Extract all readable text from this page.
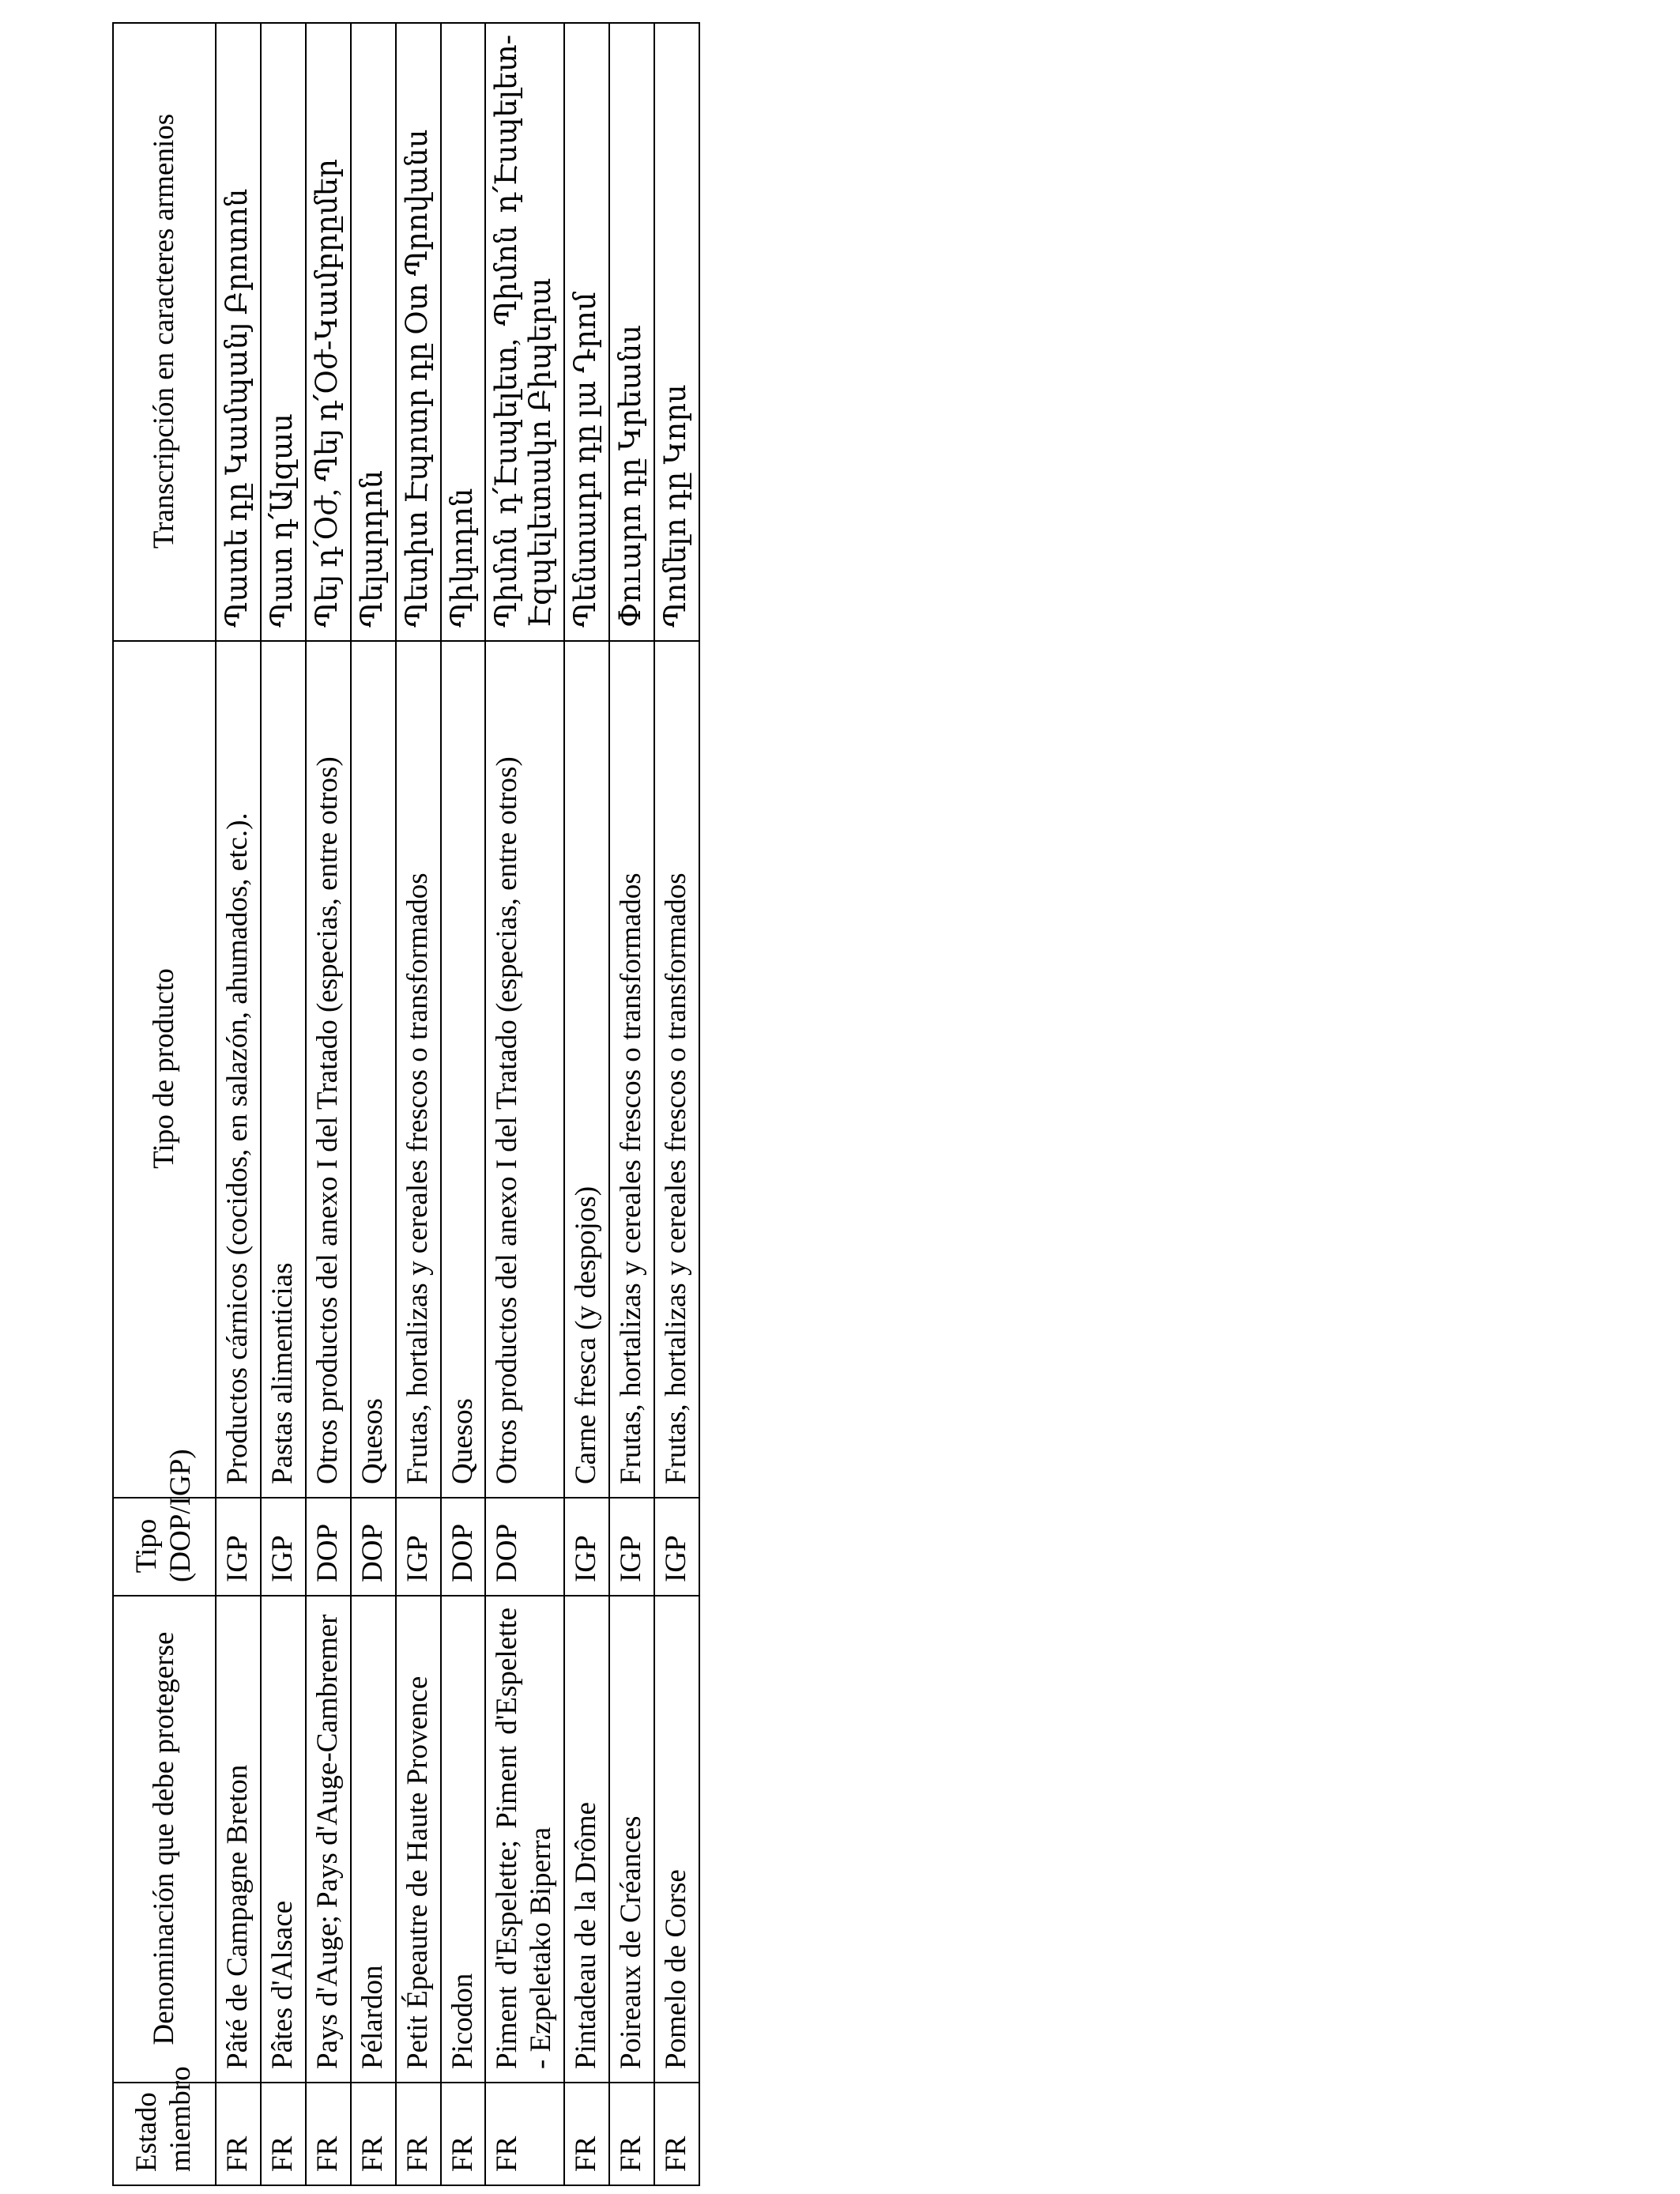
Estado miembro	Denominación que debe protegerse	Tipo (DOP/IGP)	Tipo de producto	Transcripción en caracteres armenios
FR	Pâté de Campagne Breton	IGP	Productos cárnicos (cocidos, en salazón, ahumados, etc.).	Պատե դը Կամպանյ Բրոտոն
FR	Pâtes d'Alsace	IGP	Pastas alimenticias	Պատ դ՛Ալզաս
FR	Pays d'Auge; Pays d'Auge-Cambremer	DOP	Otros productos del anexo I del Tratado (especias, entre otros)	Պեյ դ՛Օժ, Պեյ դ՛Օժ-Կամբրըմեր
FR	Pélardon	DOP	Quesos	Պելարդոն
FR	Petit Épeautre de Haute Provence	IGP	Frutas, hortalizas y cereales frescos o transformados	Պետիտ Էպոտր դը Օտ Պրովանս
FR	Picodon	DOP	Quesos	Պիկոդոն
FR	Piment d'Espelette; Piment d'Espelette - Ezpeletako Biperra	DOP	Otros productos del anexo I del Tratado (especias, entre otros)	Պիմոն դ՛Էսպելետ, Պիմոն դ՛Էսպելետ-Էզպելետակո Բիպերա
FR	Pintadeau de la Drôme	IGP	Carne fresca (y despojos)	Պենտադո դը լա Դրոմ
FR	Poireaux de Créances	IGP	Frutas, hortalizas y cereales frescos o transformados	Փուարո դը Կրեանս
FR	Pomelo de Corse	IGP	Frutas, hortalizas y cereales frescos o transformados	Պոմելո դը Կորս
